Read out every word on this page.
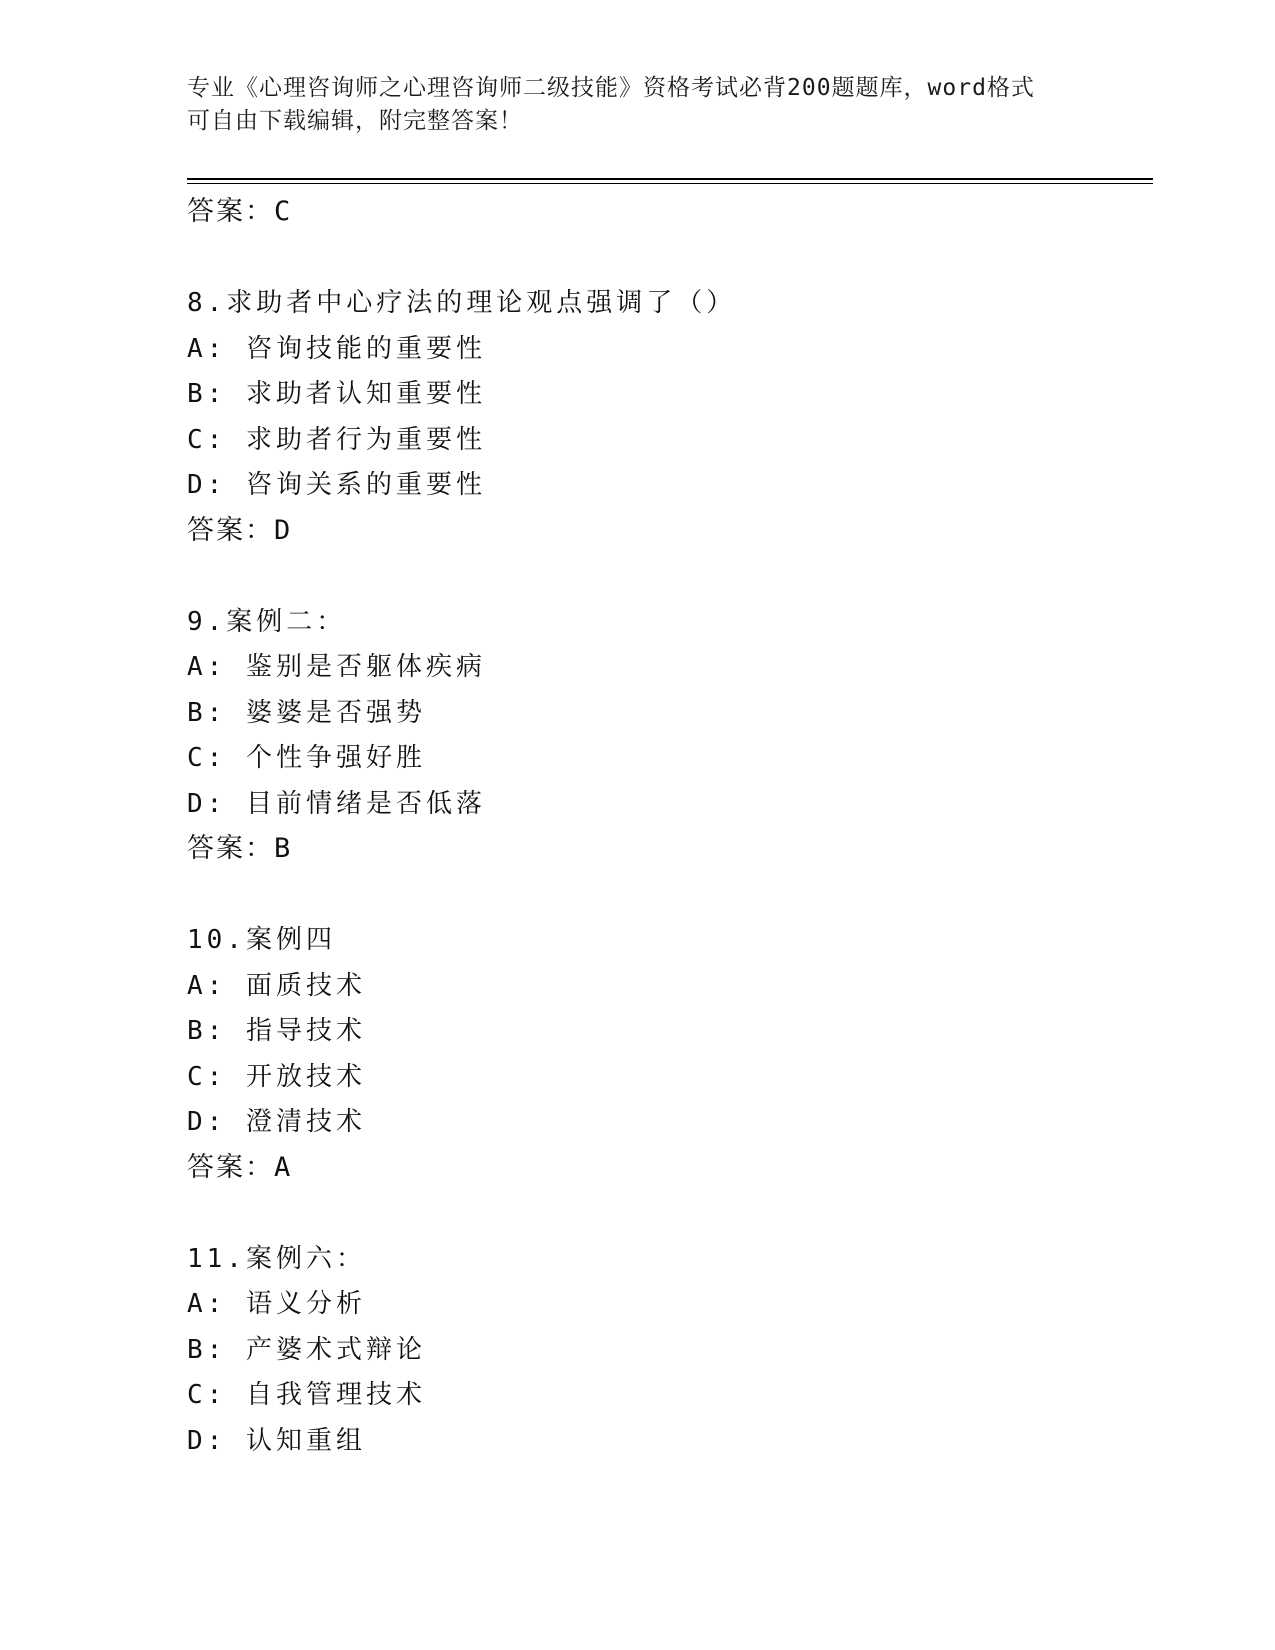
专业《心理咨询师之心理咨询师二级技能》资格考试必背200题题库，word格式
可自由下载编辑，附完整答案！
答案：C
8.求助者中心疗法的理论观点强调了（）
A: 咨询技能的重要性
B: 求助者认知重要性
C: 求助者行为重要性
D: 咨询关系的重要性
答案：D
9.案例二：
A: 鉴别是否躯体疾病
B: 婆婆是否强势
C: 个性争强好胜
D: 目前情绪是否低落
答案：B
10.案例四
A: 面质技术
B: 指导技术
C: 开放技术
D: 澄清技术
答案：A
11.案例六：
A: 语义分析
B: 产婆术式辩论
C: 自我管理技术
D: 认知重组
